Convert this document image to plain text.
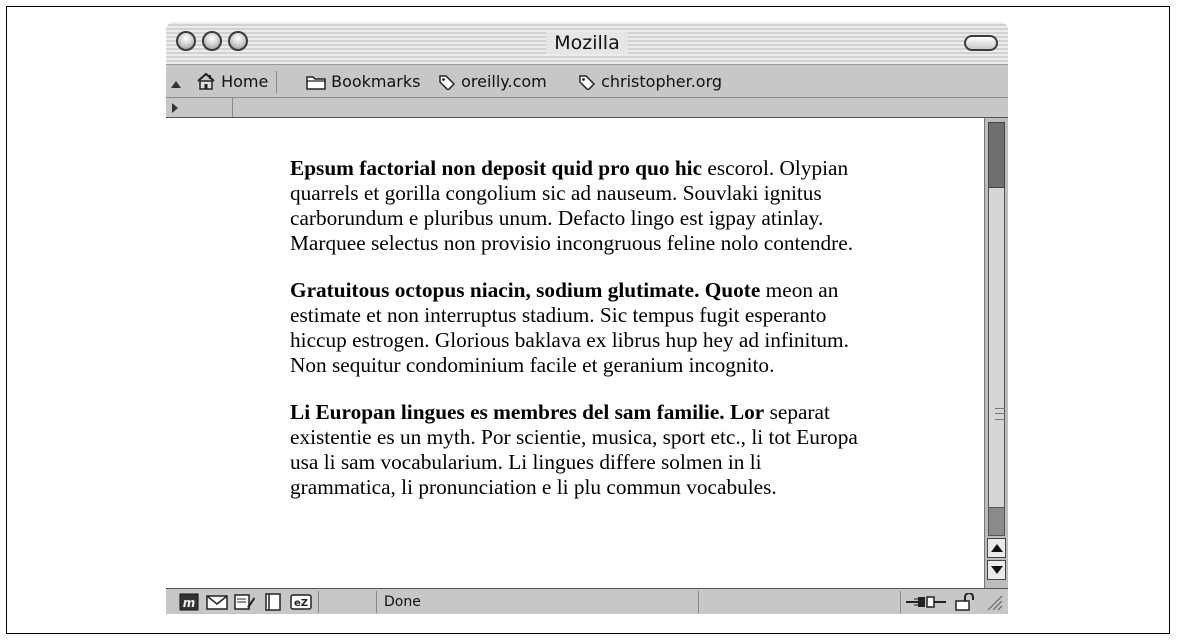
Mozilla
Home	Bookmarks	oreilly.com	christopher.org

Epsum factorial non deposit quid pro quo hic escorol. Olypian quarrels et gorilla congolium sic ad nauseum. Souvlaki ignitus carborundum e pluribus unum. Defacto lingo est igpay atinlay. Marquee selectus non provisio incongruous feline nolo contendre.

Gratuitous octopus niacin, sodium glutimate. Quote meon an estimate et non interruptus stadium. Sic tempus fugit esperanto hiccup estrogen. Glorious baklava ex librus hup hey ad infinitum. Non sequitur condominium facile et geranium incognito.

Li Europan lingues es membres del sam familie. Lor separat existentie es un myth. Por scientie, musica, sport etc., li tot Europa usa li sam vocabularium. Li lingues differe solmen in li grammatica, li pronunciation e li plu commun vocabules.

m	eZ	Done
